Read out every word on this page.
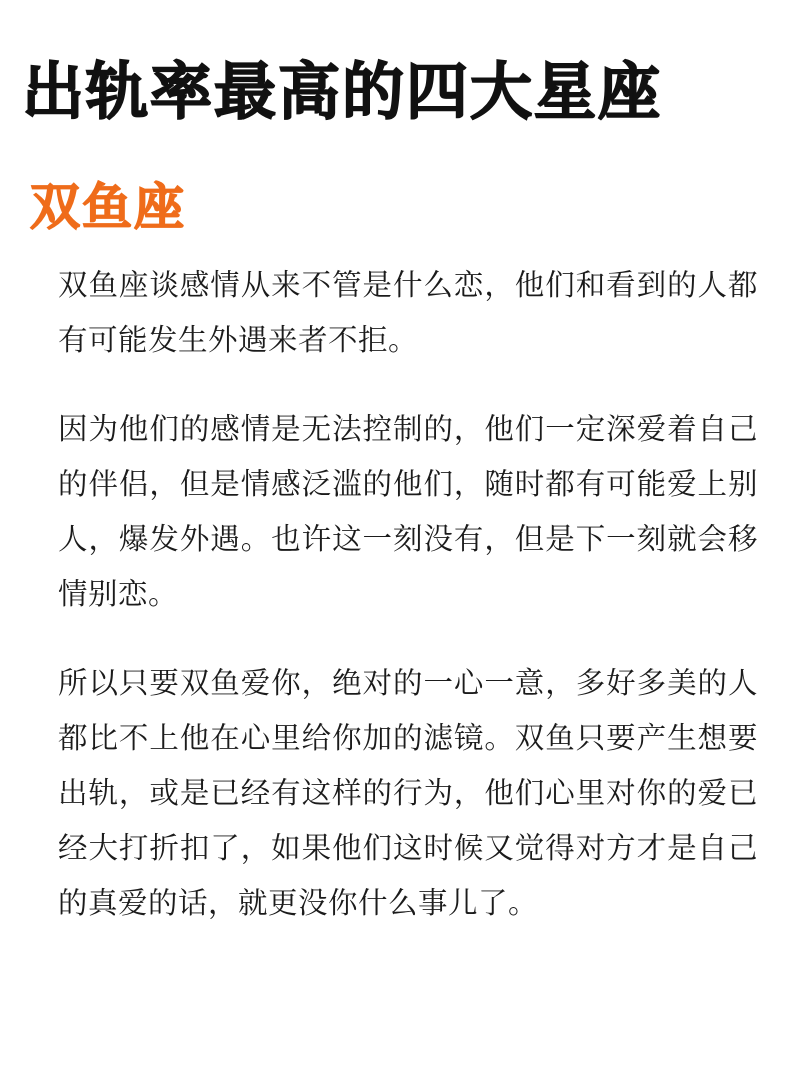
出轨率最高的四大星座
双鱼座

双鱼座谈感情从来不管是什么恋，他们和看到的人都有可能发生外遇来者不拒。

因为他们的感情是无法控制的，他们一定深爱着自己的伴侣，但是情感泛滥的他们，随时都有可能爱上别人，爆发外遇。也许这一刻没有，但是下一刻就会移情别恋。

所以只要双鱼爱你，绝对的一心一意，多好多美的人都比不上他在心里给你加的滤镜。双鱼只要产生想要出轨，或是已经有这样的行为，他们心里对你的爱已经大打折扣了，如果他们这时候又觉得对方才是自己的真爱的话，就更没你什么事儿了。
